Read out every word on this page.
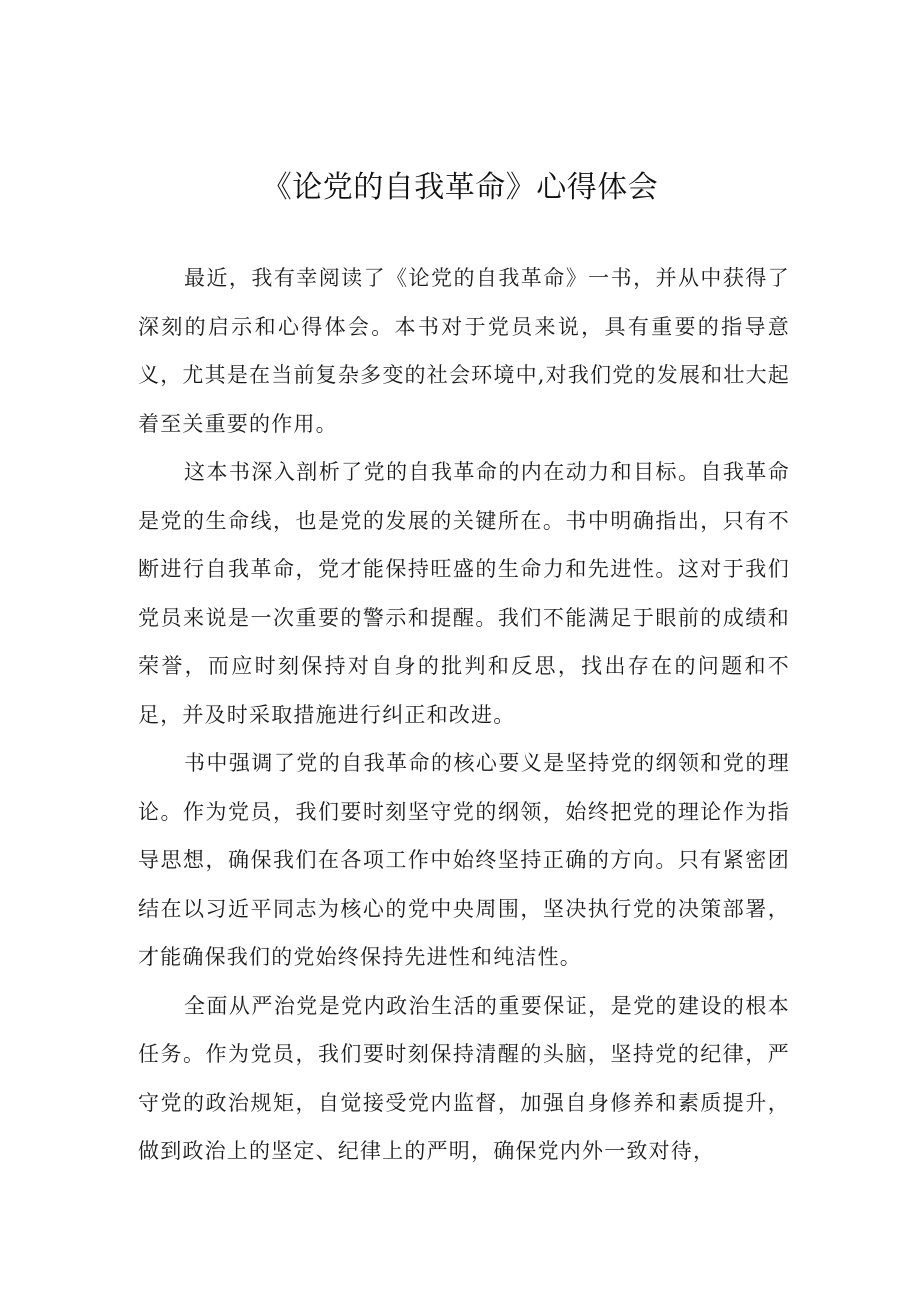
《论党的自我革命》心得体会

最近，我有幸阅读了《论党的自我革命》一书，并从中获得了深刻的启示和心得体会。本书对于党员来说，具有重要的指导意义，尤其是在当前复杂多变的社会环境中,对我们党的发展和壮大起着至关重要的作用。

这本书深入剖析了党的自我革命的内在动力和目标。自我革命是党的生命线，也是党的发展的关键所在。书中明确指出，只有不断进行自我革命，党才能保持旺盛的生命力和先进性。这对于我们党员来说是一次重要的警示和提醒。我们不能满足于眼前的成绩和荣誉，而应时刻保持对自身的批判和反思，找出存在的问题和不足，并及时采取措施进行纠正和改进。

书中强调了党的自我革命的核心要义是坚持党的纲领和党的理论。作为党员，我们要时刻坚守党的纲领，始终把党的理论作为指导思想，确保我们在各项工作中始终坚持正确的方向。只有紧密团结在以习近平同志为核心的党中央周围，坚决执行党的决策部署，才能确保我们的党始终保持先进性和纯洁性。

全面从严治党是党内政治生活的重要保证，是党的建设的根本任务。作为党员，我们要时刻保持清醒的头脑，坚持党的纪律，严守党的政治规矩，自觉接受党内监督，加强自身修养和素质提升，做到政治上的坚定、纪律上的严明，确保党内外一致对待，
